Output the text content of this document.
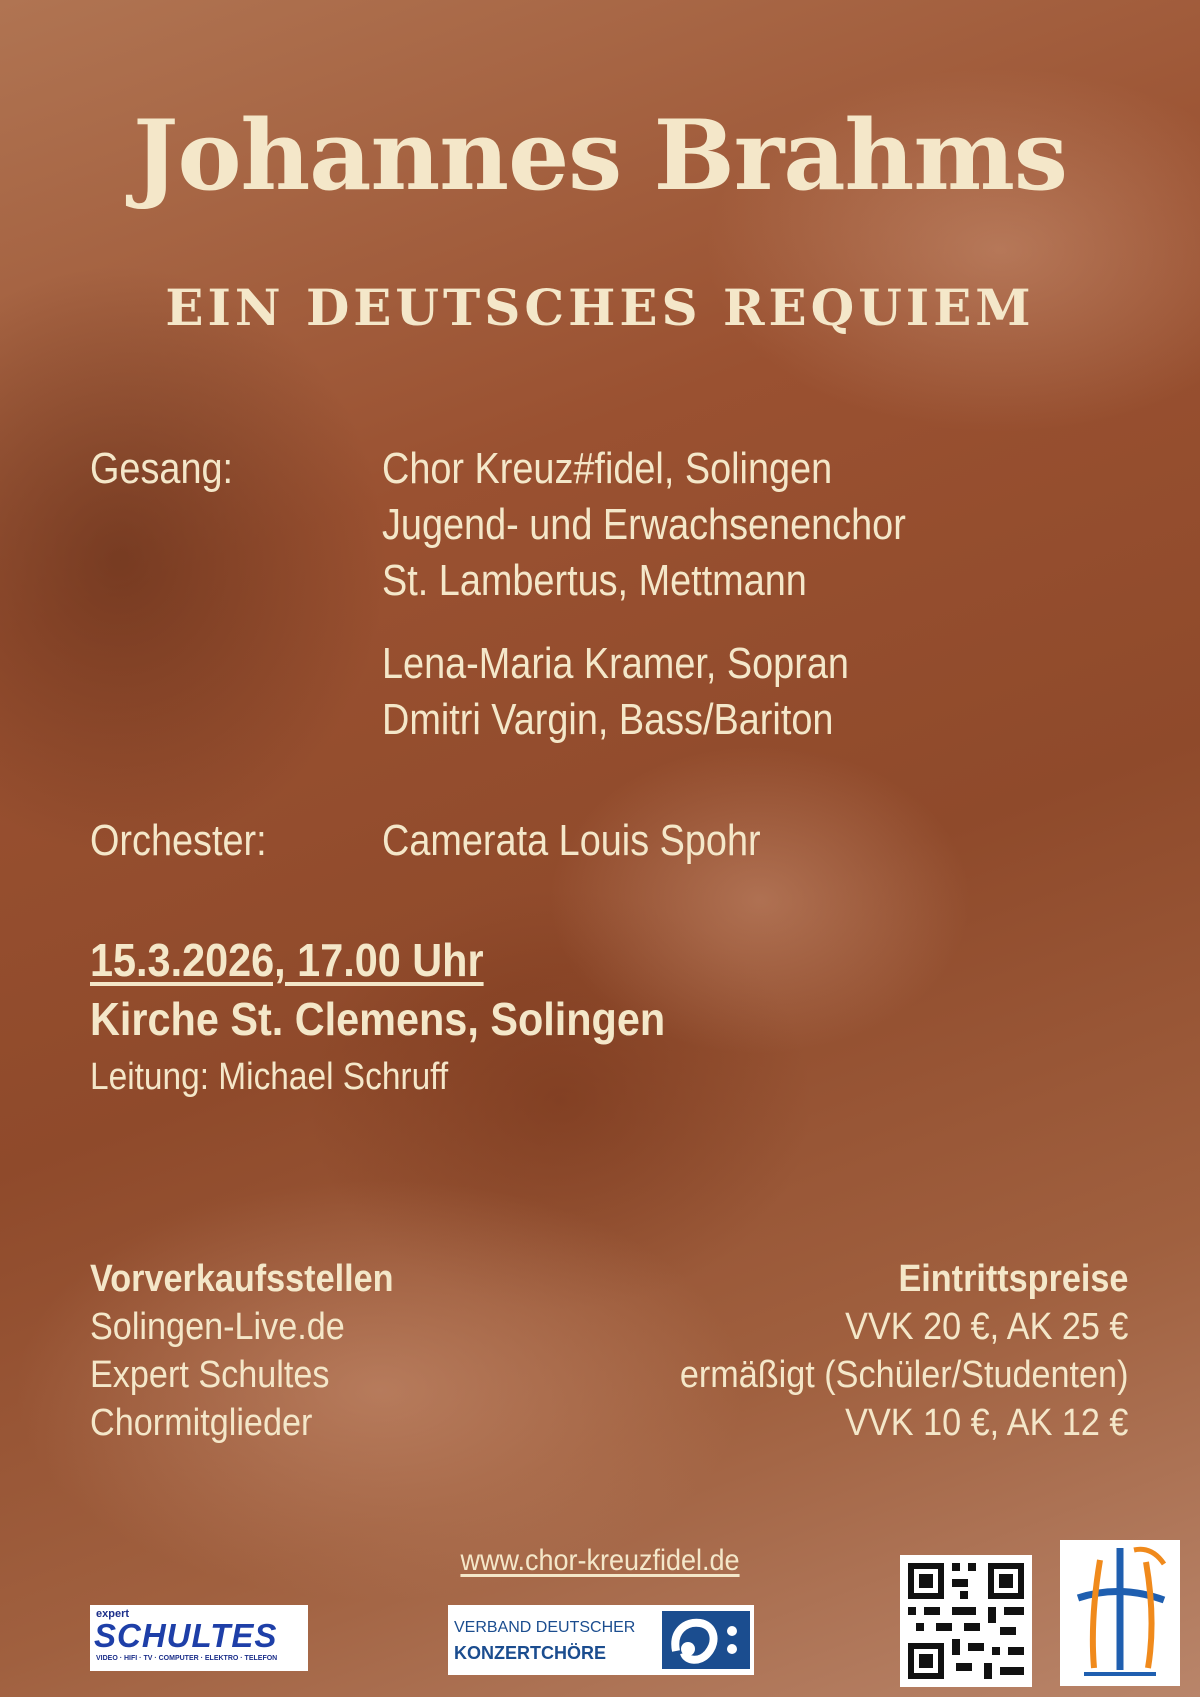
Johannes Brahms
EIN DEUTSCHES REQUIEM
Gesang:	Chor Kreuz#fidel, Solingen
Jugend- und Erwachsenenchor
St. Lambertus, Mettmann
Lena-Maria Kramer, Sopran
Dmitri Vargin, Bass/Bariton
Orchester:	Camerata Louis Spohr
15.3.2026, 17.00 Uhr
Kirche St. Clemens, Solingen
Leitung: Michael Schruff
Vorverkaufsstellen
Solingen-Live.de
Expert Schultes
Chormitglieder
Eintrittspreise
VVK 20 €, AK 25 €
ermäßigt (Schüler/Studenten)
VVK 10 €, AK 12 €
www.chor-kreuzfidel.de
expert
SCHULTES
VIDEO · HIFI · TV · COMPUTER · ELEKTRO · TELEFON
VERBAND DEUTSCHER
KONZERTCHÖRE
